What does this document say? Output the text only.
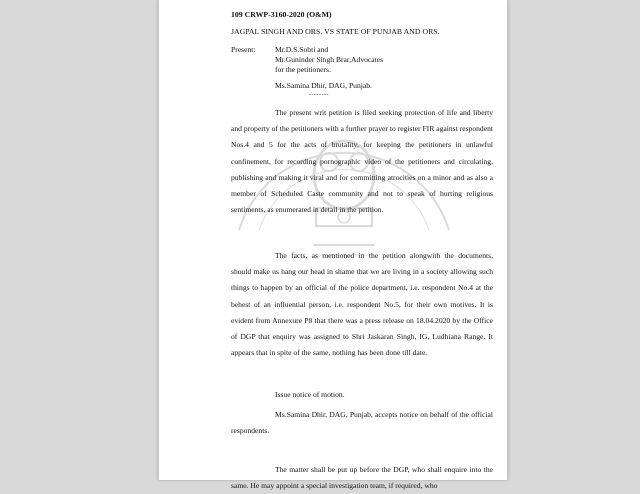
109 CRWP-3160-2020 (O&M)
JAGPAL SINGH AND ORS. VS STATE OF PUNJAB AND ORS.
Present:	Mr.D.S.Sobti and
Mr.Guninder Singh Brar,Advocates
for the petitioners.
Ms.Samina Dhir, DAG, Punjab.
--------

The present writ petition is filed seeking protection of life and liberty and property of the petitioners with a further prayer to register FIR against respondent Nos.4 and 5 for the acts of brutality, for keeping the petitioners in unlawful confinement, for recording pornographic video of the petitioners and circulating, publishing and making it viral and for committing atrocities on a minor and as also a member of Scheduled Caste community and not to speak of hurting religious sentiments, as enumerated in detail in the petition.

The facts, as mentioned in the petition alongwith the documents, should make us hang our head in shame that we are living in a society allowing such things to happen by an official of the police department, i.e. respondent No.4 at the behest of an influential person, i.e. respondent No.5, for their own motives. It is evident from Annexure P8 that there was a press release on 18.04.2020 by the Office of DGP that enquiry was assigned to Shri Jaskaran Singh, IG, Ludhiana Range. It appears that in spite of the same, nothing has been done till date.

Issue notice of motion.

Ms.Samina Dhir, DAG, Punjab, accepts notice on behalf of the official respondents.

The matter shall be put up before the DGP, who shall enquire into the same. He may appoint a special investigation team, if required, who
